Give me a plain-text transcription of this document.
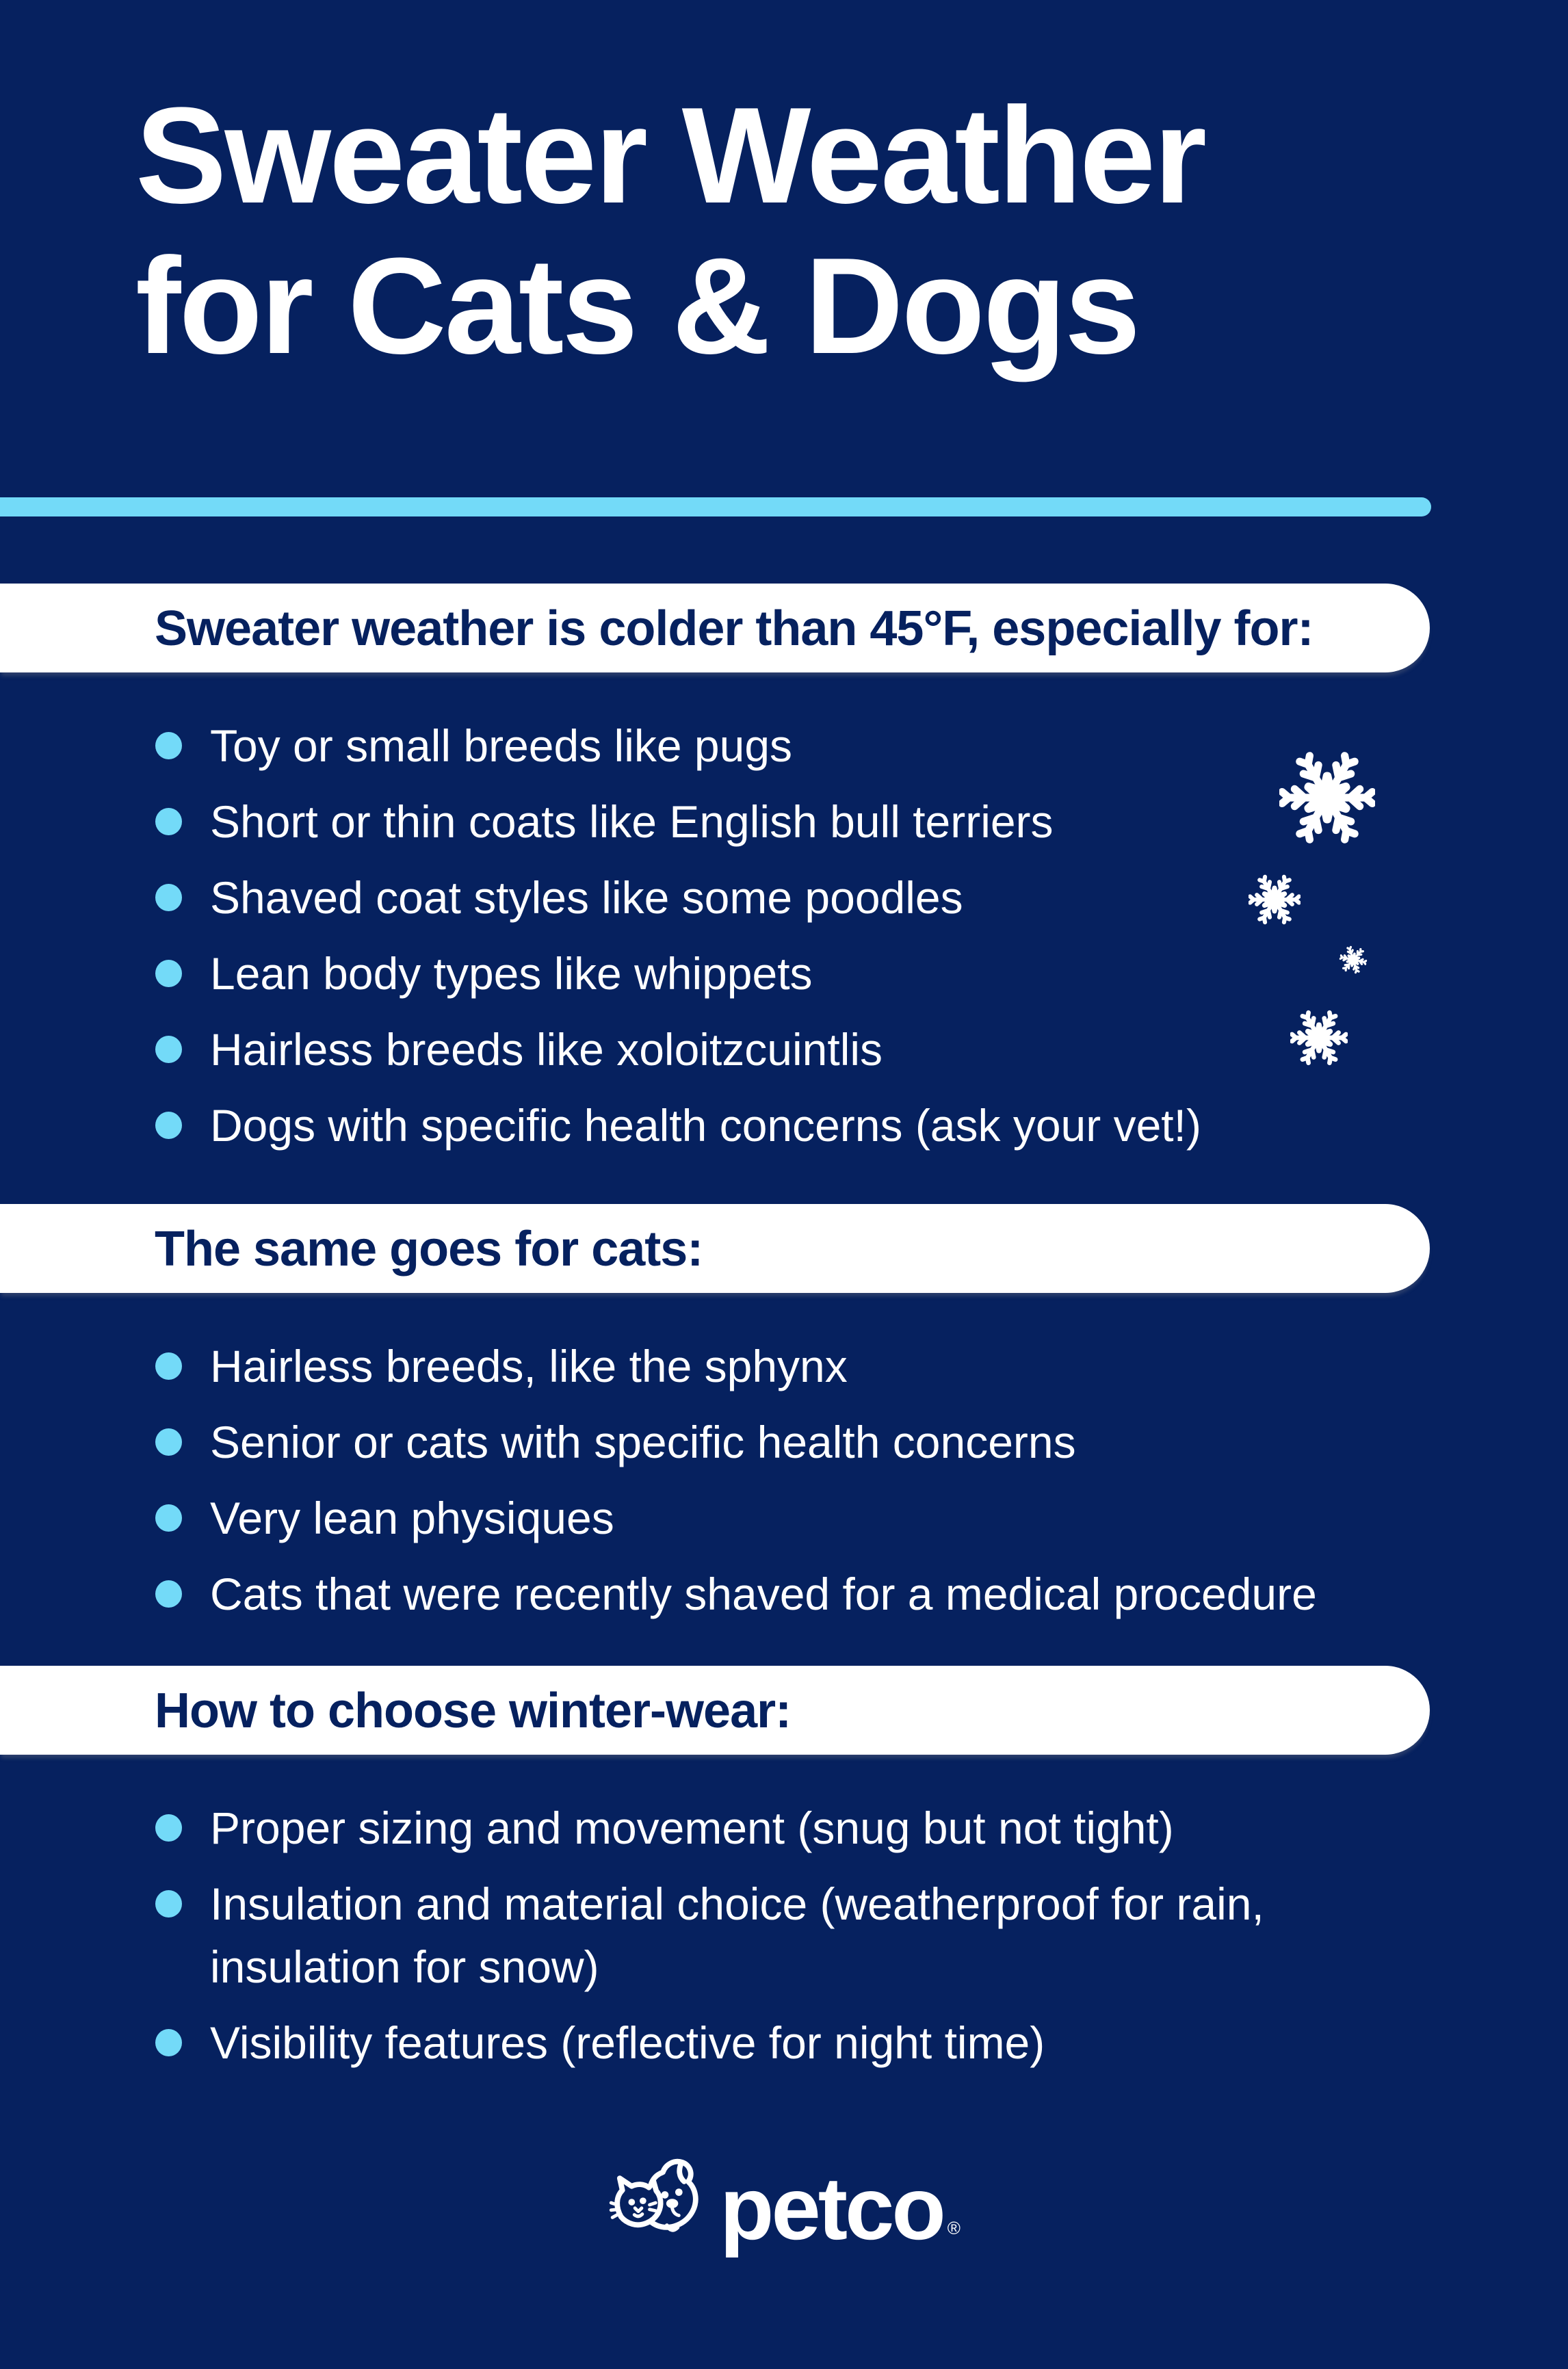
Sweater Weather
for Cats & Dogs
Sweater weather is colder than 45°F, especially for:
Toy or small breeds like pugs
Short or thin coats like English bull terriers
Shaved coat styles like some poodles
Lean body types like whippets
Hairless breeds like xoloitzcuintlis
Dogs with specific health concerns (ask your vet!)
The same goes for cats:
Hairless breeds, like the sphynx
Senior or cats with specific health concerns
Very lean physiques
Cats that were recently shaved for a medical procedure
How to choose winter-wear:
Proper sizing and movement (snug but not tight)
Insulation and material choice (weatherproof for rain,
insulation for snow)
Visibility features (reflective for night time)
petco ®
